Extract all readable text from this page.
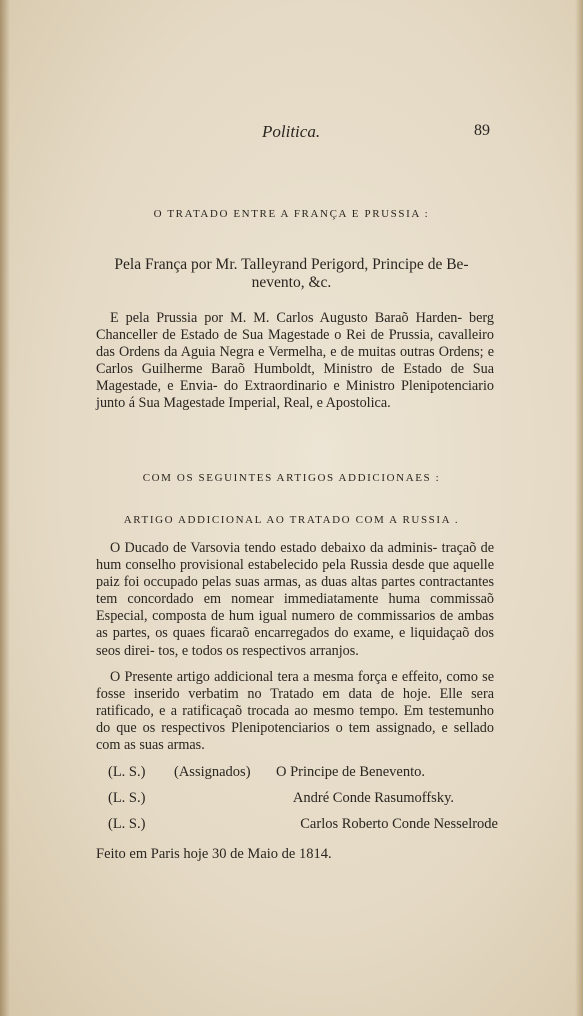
Politica.	89
O TRATADO ENTRE A FRANÇA E PRUSSIA :
Pela França por Mr. Talleyrand Perigord, Principe de Be-
nevento, &c.
E pela Prussia por M. M. Carlos Augusto Baraõ Harden- berg Chanceller de Estado de Sua Magestade o Rei de Prussia, cavalleiro das Ordens da Aguia Negra e Vermelha, e de muitas outras Ordens; e Carlos Guilherme Baraõ Humboldt, Ministro de Estado de Sua Magestade, e Envia- do Extraordinario e Ministro Plenipotenciario junto á Sua Magestade Imperial, Real, e Apostolica.
COM OS SEGUINTES ARTIGOS ADDICIONAES :
ARTIGO ADDICIONAL AO TRATADO COM A RUSSIA .
O Ducado de Varsovia tendo estado debaixo da adminis- traçaõ de hum conselho provisional estabelecido pela Russia desde que aquelle paiz foi occupado pelas suas armas, as duas altas partes contractantes tem concordado em nomear immediatamente huma commissaõ Especial, composta de hum igual numero de commissarios de ambas as partes, os quaes ficaraõ encarregados do exame, e liquidaçaõ dos seos direi- tos, e todos os respectivos arranjos.
O Presente artigo addicional tera a mesma força e effeito, como se fosse inserido verbatim no Tratado em data de hoje. Elle sera ratificado, e a ratificaçaõ trocada ao mesmo tempo. Em testemunho do que os respectivos Plenipotenciarios o tem assignado, e sellado com as suas armas.
(L. S.) (Assignados) O Principe de Benevento.
(L. S.)	André Conde Rasumoffsky.
(L. S.)	Carlos Roberto Conde Nesselrode
Feito em Paris hoje 30 de Maio de 1814.
